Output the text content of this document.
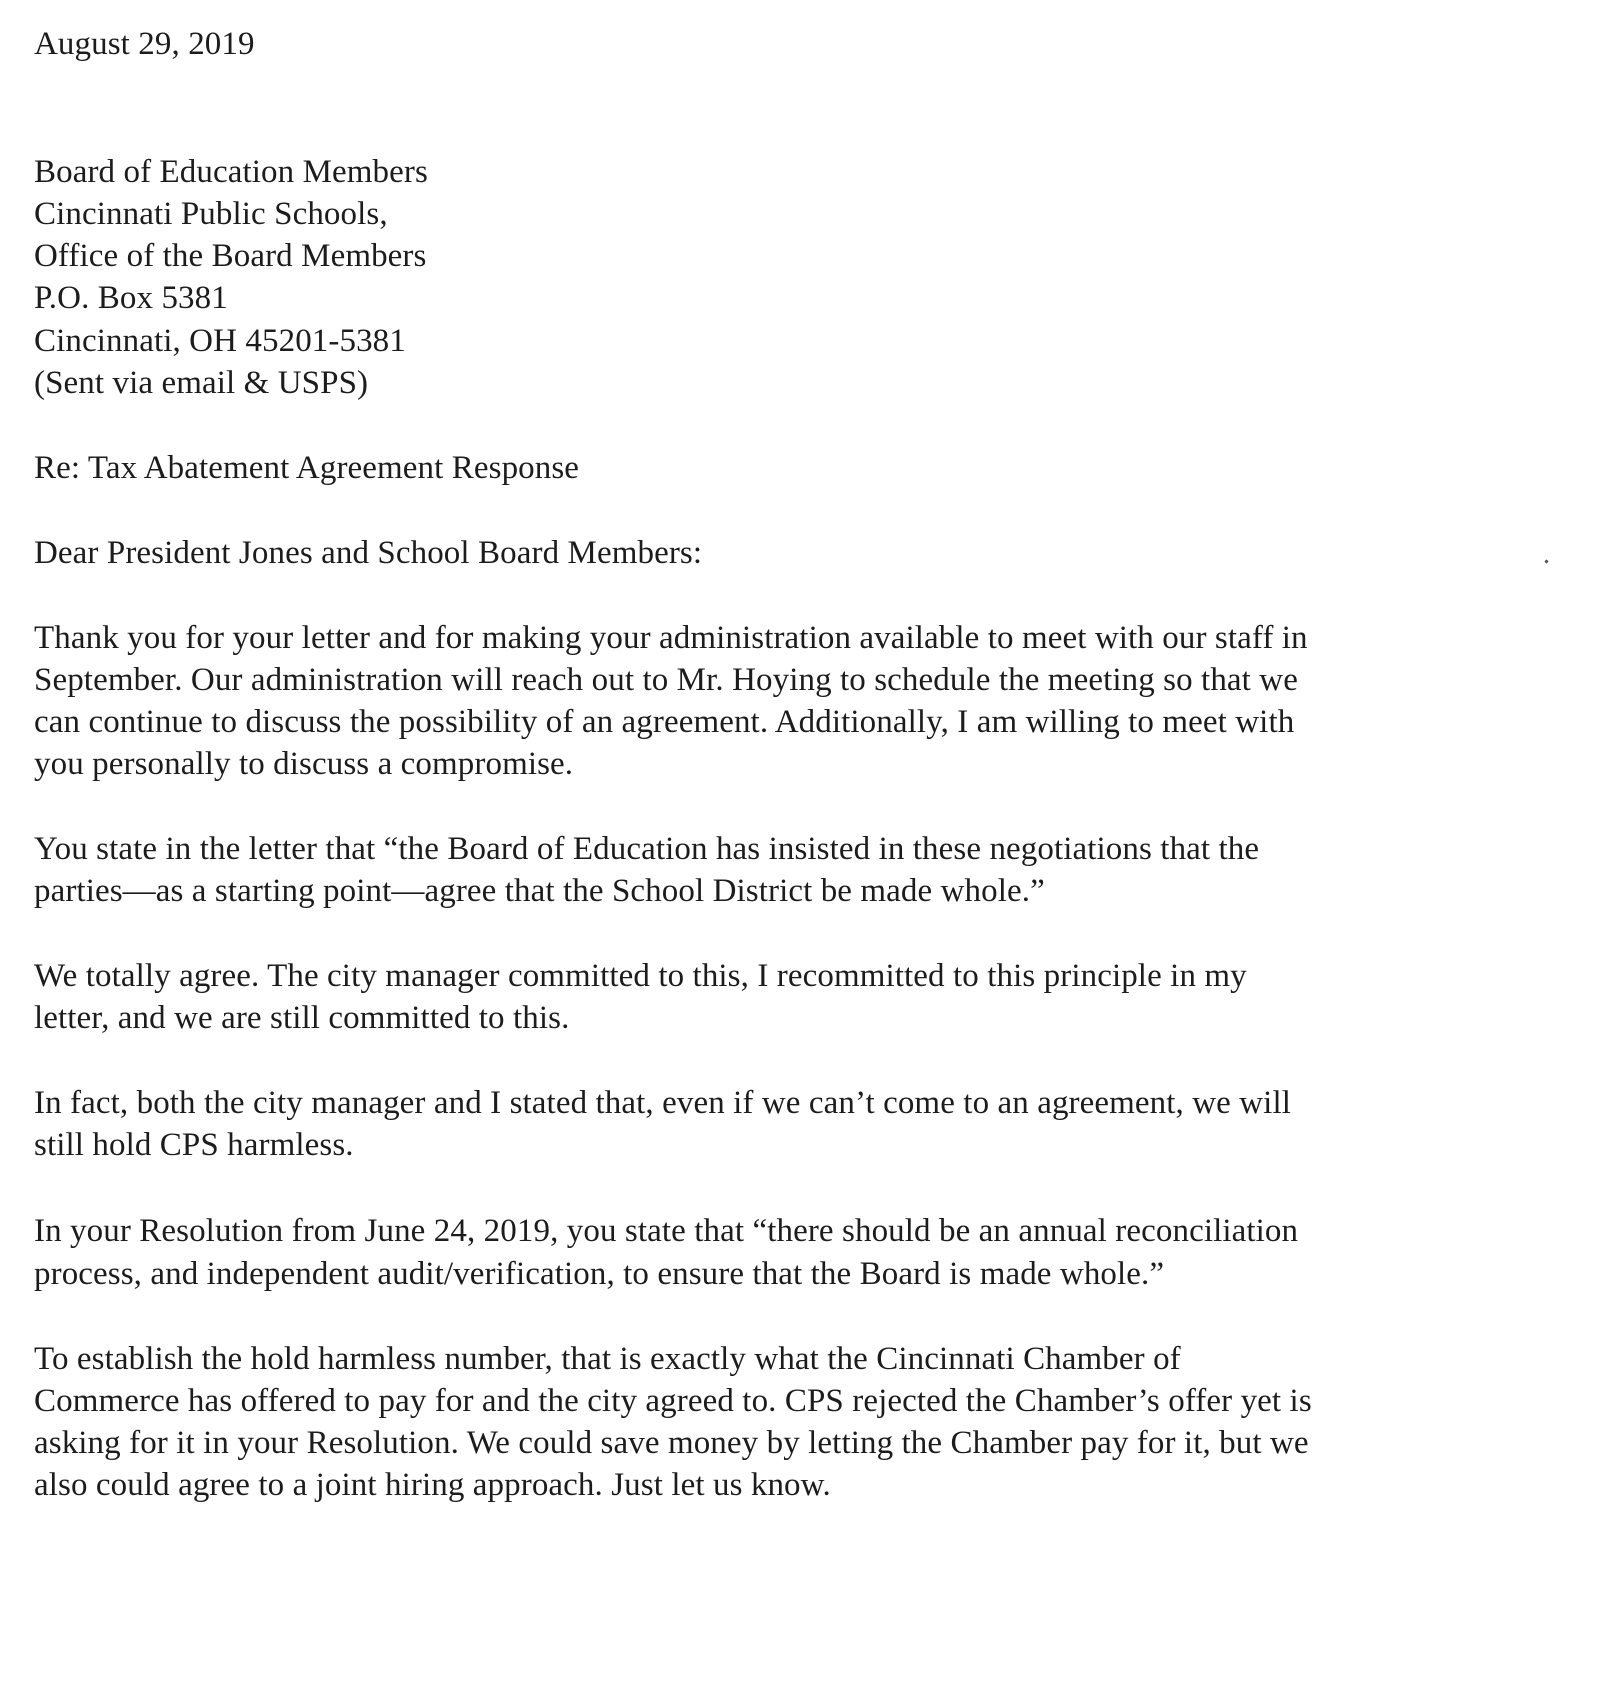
August 29, 2019
Board of Education Members
Cincinnati Public Schools,
Office of the Board Members
P.O. Box 5381
Cincinnati, OH 45201-5381
(Sent via email & USPS)
Re: Tax Abatement Agreement Response
Dear President Jones and School Board Members:
Thank you for your letter and for making your administration available to meet with our staff in
September. Our administration will reach out to Mr. Hoying to schedule the meeting so that we
can continue to discuss the possibility of an agreement. Additionally, I am willing to meet with
you personally to discuss a compromise.
You state in the letter that “the Board of Education has insisted in these negotiations that the
parties—as a starting point—agree that the School District be made whole.”
We totally agree. The city manager committed to this, I recommitted to this principle in my
letter, and we are still committed to this.
In fact, both the city manager and I stated that, even if we can’t come to an agreement, we will
still hold CPS harmless.
In your Resolution from June 24, 2019, you state that “there should be an annual reconciliation
process, and independent audit/verification, to ensure that the Board is made whole.”
To establish the hold harmless number, that is exactly what the Cincinnati Chamber of
Commerce has offered to pay for and the city agreed to. CPS rejected the Chamber’s offer yet is
asking for it in your Resolution. We could save money by letting the Chamber pay for it, but we
also could agree to a joint hiring approach. Just let us know.
